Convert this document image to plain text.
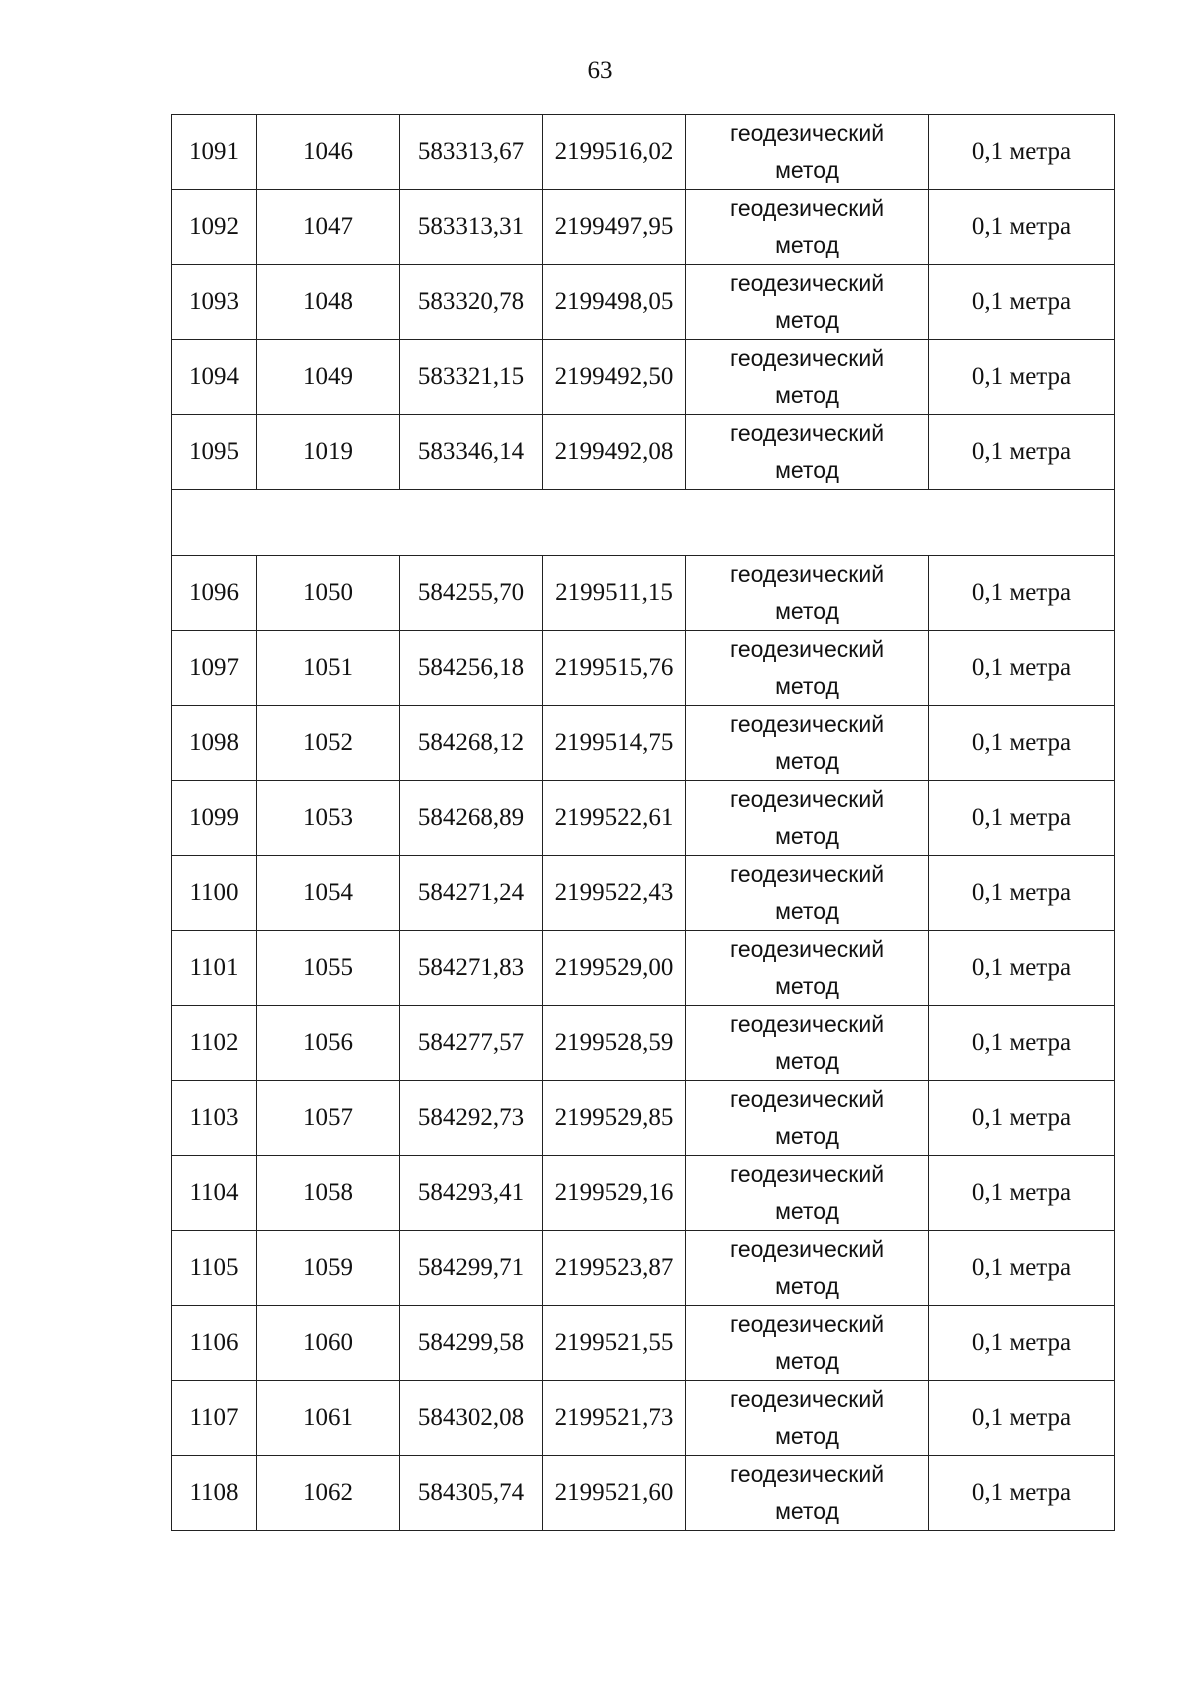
63
1091	1046	583313,67	2199516,02	геодезический
метод	0,1 метра
1092	1047	583313,31	2199497,95	геодезический
метод	0,1 метра
1093	1048	583320,78	2199498,05	геодезический
метод	0,1 метра
1094	1049	583321,15	2199492,50	геодезический
метод	0,1 метра
1095	1019	583346,14	2199492,08	геодезический
метод	0,1 метра

1096	1050	584255,70	2199511,15	геодезический
метод	0,1 метра
1097	1051	584256,18	2199515,76	геодезический
метод	0,1 метра
1098	1052	584268,12	2199514,75	геодезический
метод	0,1 метра
1099	1053	584268,89	2199522,61	геодезический
метод	0,1 метра
1100	1054	584271,24	2199522,43	геодезический
метод	0,1 метра
1101	1055	584271,83	2199529,00	геодезический
метод	0,1 метра
1102	1056	584277,57	2199528,59	геодезический
метод	0,1 метра
1103	1057	584292,73	2199529,85	геодезический
метод	0,1 метра
1104	1058	584293,41	2199529,16	геодезический
метод	0,1 метра
1105	1059	584299,71	2199523,87	геодезический
метод	0,1 метра
1106	1060	584299,58	2199521,55	геодезический
метод	0,1 метра
1107	1061	584302,08	2199521,73	геодезический
метод	0,1 метра
1108	1062	584305,74	2199521,60	геодезический
метод	0,1 метра
